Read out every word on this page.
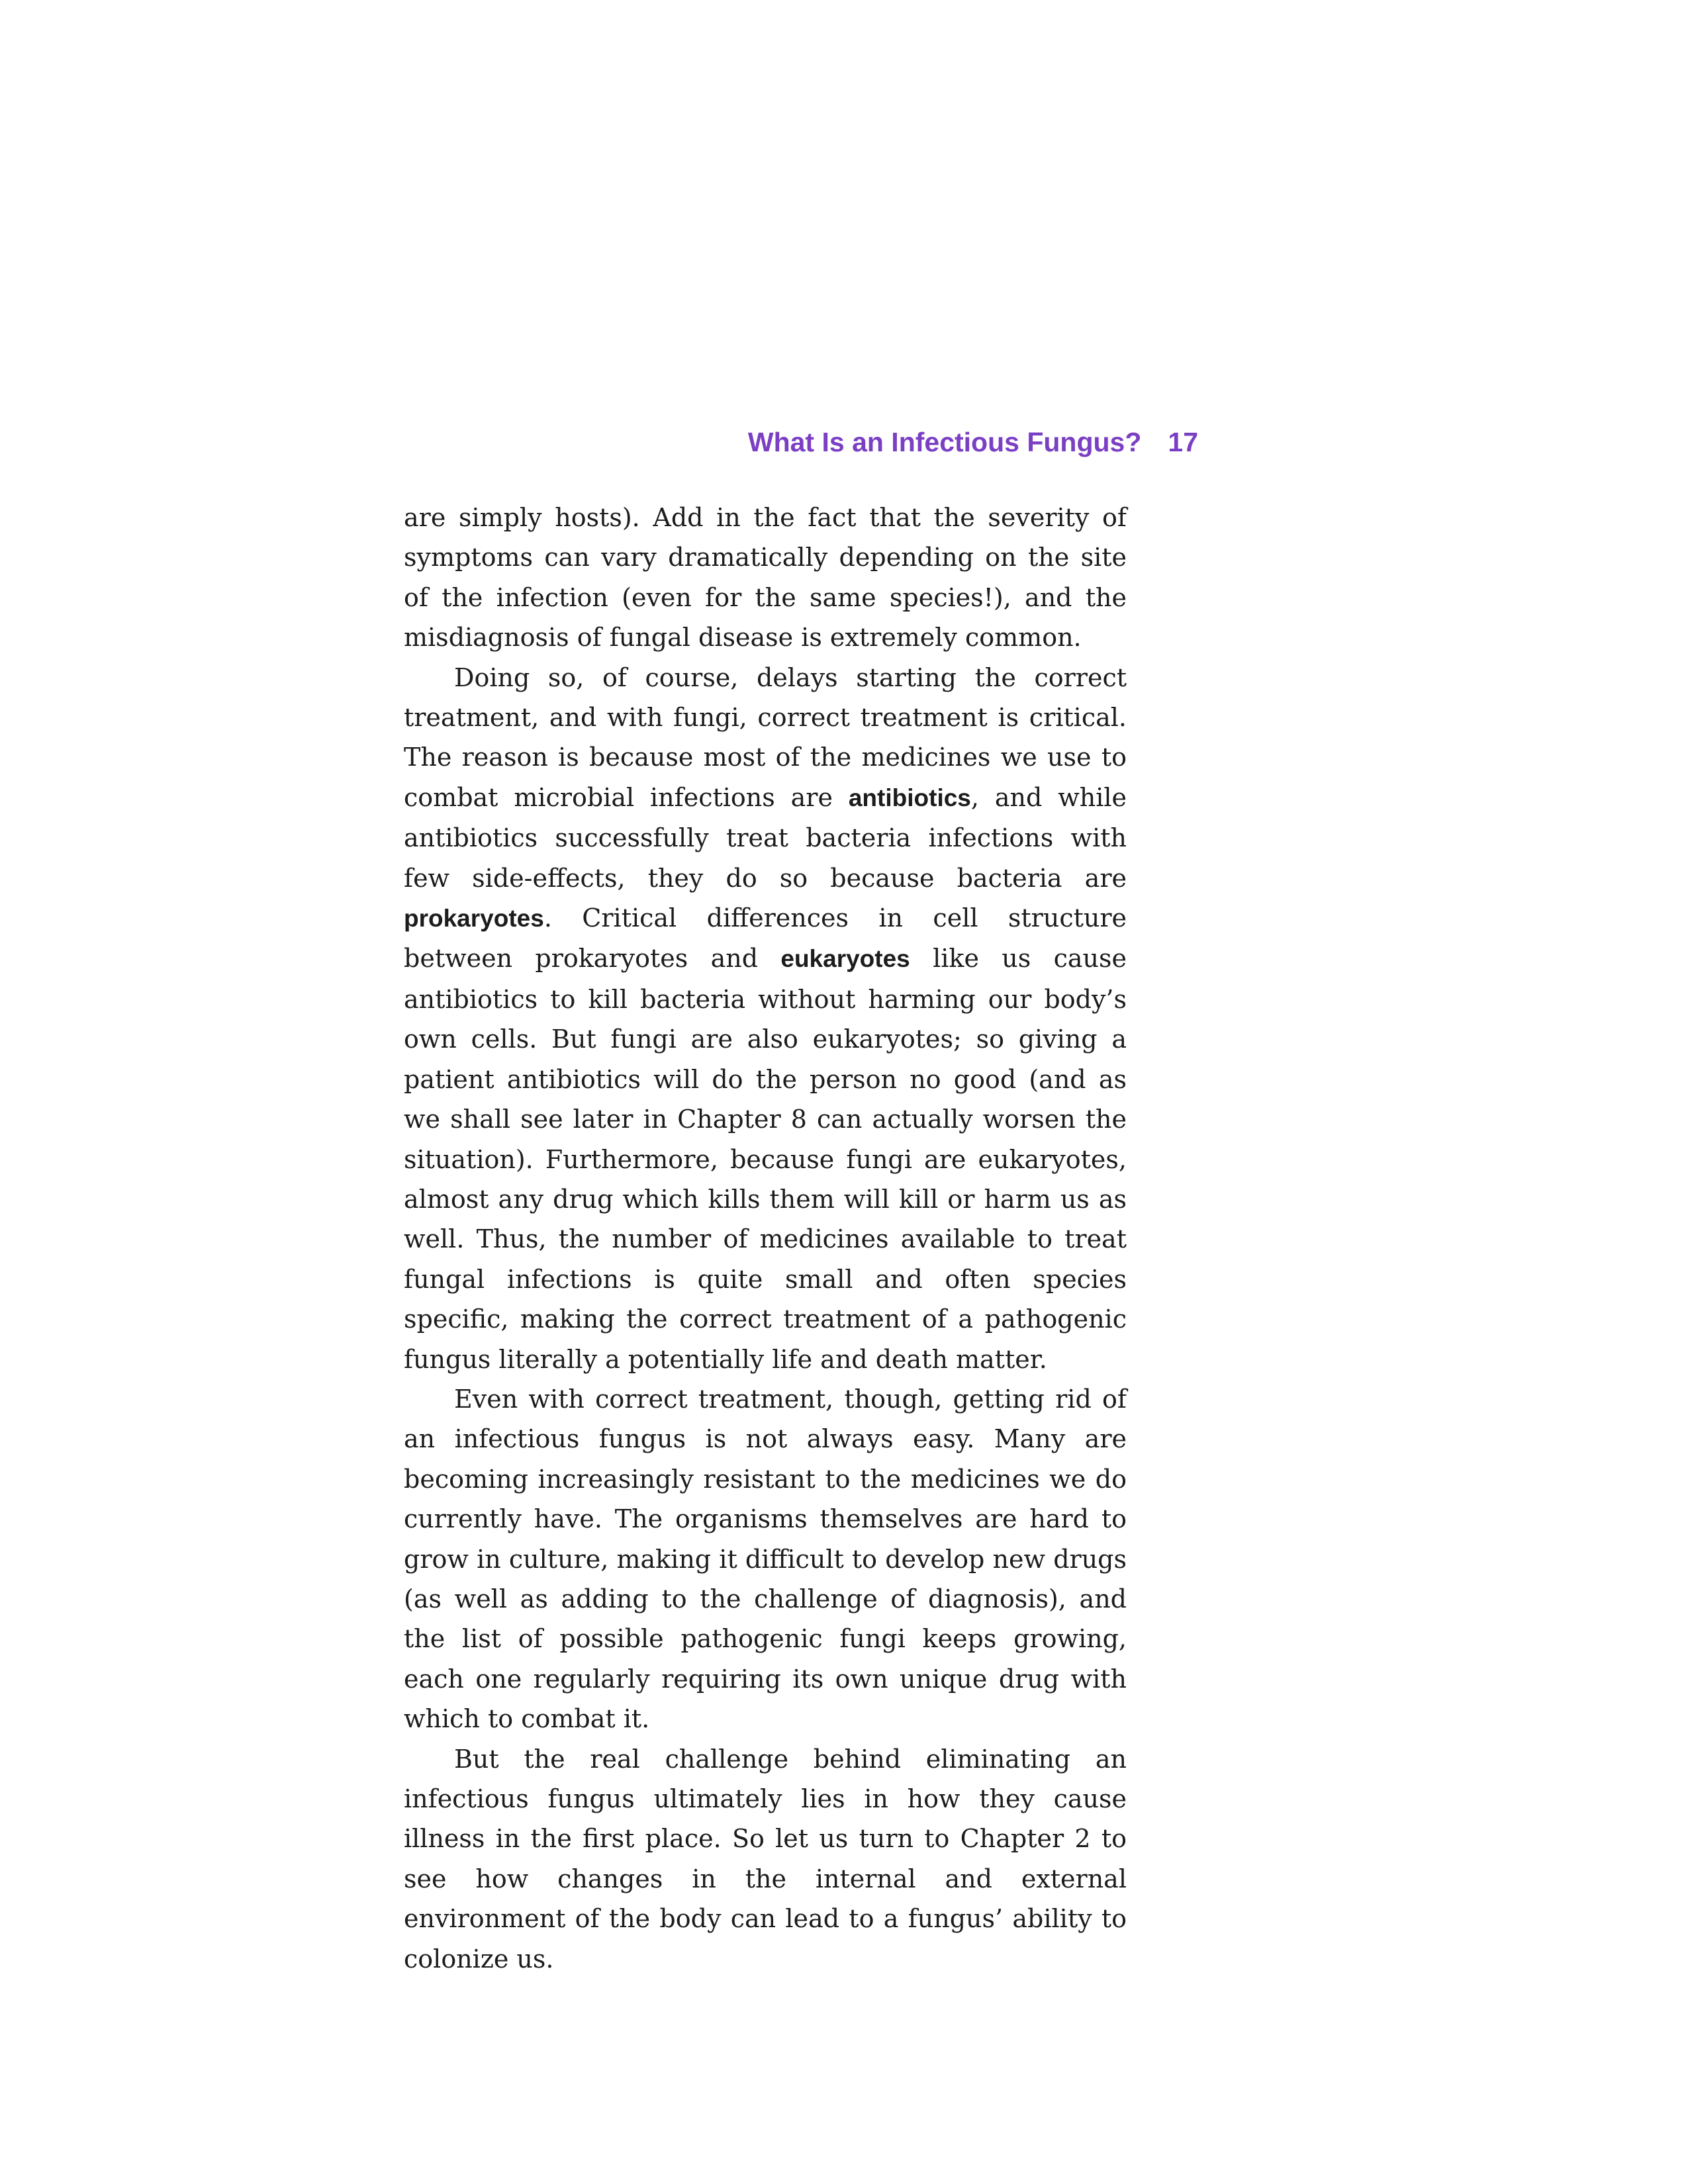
What Is an Infectious Fungus? 17

are simply hosts). Add in the fact that the severity of symptoms can vary dramatically depending on the site of the infection (even for the same species!), and the misdiagnosis of fungal disease is extremely common.

Doing so, of course, delays starting the correct treatment, and with fungi, correct treatment is critical. The reason is because most of the medicines we use to combat microbial infections are antibiotics, and while antibiotics successfully treat bacteria infections with few side-effects, they do so because bacteria are prokaryotes. Critical differences in cell structure between prokaryotes and eukaryotes like us cause antibiotics to kill bacteria without harming our body’s own cells. But fungi are also eukaryotes; so giving a patient antibiotics will do the person no good (and as we shall see later in Chapter 8 can actually worsen the situation). Furthermore, because fungi are eukaryotes, almost any drug which kills them will kill or harm us as well. Thus, the number of medicines available to treat fungal infections is quite small and often species specific, making the correct treatment of a pathogenic fungus literally a potentially life and death matter.

Even with correct treatment, though, getting rid of an infectious fungus is not always easy. Many are becoming increasingly resistant to the medicines we do currently have. The organisms themselves are hard to grow in culture, making it difficult to develop new drugs (as well as adding to the challenge of diagnosis), and the list of possible pathogenic fungi keeps growing, each one regularly requiring its own unique drug with which to combat it.

But the real challenge behind eliminating an infectious fungus ultimately lies in how they cause illness in the first place. So let us turn to Chapter 2 to see how changes in the internal and external environment of the body can lead to a fungus’ ability to colonize us.
